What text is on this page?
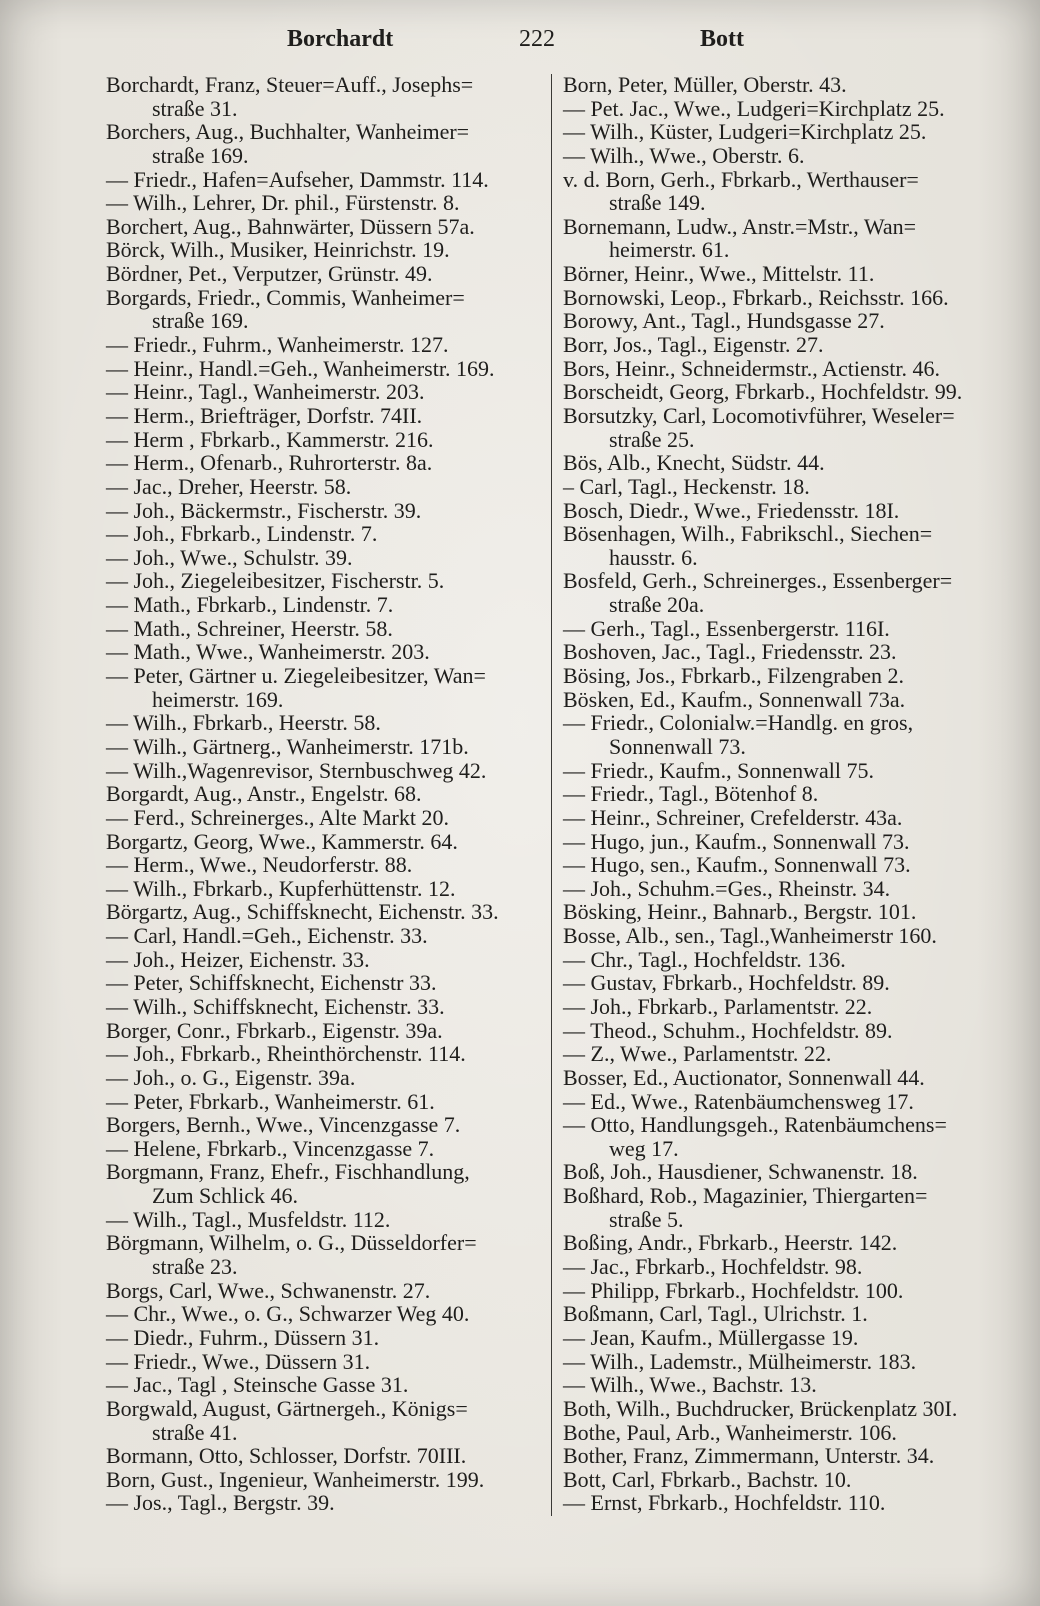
Borchardt	222	Bott

Borchardt, Franz, Steuer=Auff., Josephs=

straße 31.

Borchers, Aug., Buchhalter, Wanheimer=

straße 169.

— Friedr., Hafen=Aufseher, Dammstr. 114.

— Wilh., Lehrer, Dr. phil., Fürstenstr. 8.

Borchert, Aug., Bahnwärter, Düssern 57a.

Börck, Wilh., Musiker, Heinrichstr. 19.

Bördner, Pet., Verputzer, Grünstr. 49.

Borgards, Friedr., Commis, Wanheimer=

straße 169.

— Friedr., Fuhrm., Wanheimerstr. 127.

— Heinr., Handl.=Geh., Wanheimerstr. 169.

— Heinr., Tagl., Wanheimerstr. 203.

— Herm., Briefträger, Dorfstr. 74II.

— Herm , Fbrkarb., Kammerstr. 216.

— Herm., Ofenarb., Ruhrorterstr. 8a.

— Jac., Dreher, Heerstr. 58.

— Joh., Bäckermstr., Fischerstr. 39.

— Joh., Fbrkarb., Lindenstr. 7.

— Joh., Wwe., Schulstr. 39.

— Joh., Ziegeleibesitzer, Fischerstr. 5.

— Math., Fbrkarb., Lindenstr. 7.

— Math., Schreiner, Heerstr. 58.

— Math., Wwe., Wanheimerstr. 203.

— Peter, Gärtner u. Ziegeleibesitzer, Wan=

heimerstr. 169.

— Wilh., Fbrkarb., Heerstr. 58.

— Wilh., Gärtnerg., Wanheimerstr. 171b.

— Wilh.,Wagenrevisor, Sternbuschweg 42.

Borgardt, Aug., Anstr., Engelstr. 68.

— Ferd., Schreinerges., Alte Markt 20.

Borgartz, Georg, Wwe., Kammerstr. 64.

— Herm., Wwe., Neudorferstr. 88.

— Wilh., Fbrkarb., Kupferhüttenstr. 12.

Börgartz, Aug., Schiffsknecht, Eichenstr. 33.

— Carl, Handl.=Geh., Eichenstr. 33.

— Joh., Heizer, Eichenstr. 33.

— Peter, Schiffsknecht, Eichenstr 33.

— Wilh., Schiffsknecht, Eichenstr. 33.

Borger, Conr., Fbrkarb., Eigenstr. 39a.

— Joh., Fbrkarb., Rheinthörchenstr. 114.

— Joh., o. G., Eigenstr. 39a.

— Peter, Fbrkarb., Wanheimerstr. 61.

Borgers, Bernh., Wwe., Vincenzgasse 7.

— Helene, Fbrkarb., Vincenzgasse 7.

Borgmann, Franz, Ehefr., Fischhandlung,

Zum Schlick 46.

— Wilh., Tagl., Musfeldstr. 112.

Börgmann, Wilhelm, o. G., Düsseldorfer=

straße 23.

Borgs, Carl, Wwe., Schwanenstr. 27.

— Chr., Wwe., o. G., Schwarzer Weg 40.

— Diedr., Fuhrm., Düssern 31.

— Friedr., Wwe., Düssern 31.

— Jac., Tagl , Steinsche Gasse 31.

Borgwald, August, Gärtnergeh., Königs=

straße 41.

Bormann, Otto, Schlosser, Dorfstr. 70III.

Born, Gust., Ingenieur, Wanheimerstr. 199.

— Jos., Tagl., Bergstr. 39.

Born, Peter, Müller, Oberstr. 43.

— Pet. Jac., Wwe., Ludgeri=Kirchplatz 25.

— Wilh., Küster, Ludgeri=Kirchplatz 25.

— Wilh., Wwe., Oberstr. 6.

v. d. Born, Gerh., Fbrkarb., Werthauser=

straße 149.

Bornemann, Ludw., Anstr.=Mstr., Wan=

heimerstr. 61.

Börner, Heinr., Wwe., Mittelstr. 11.

Bornowski, Leop., Fbrkarb., Reichsstr. 166.

Borowy, Ant., Tagl., Hundsgasse 27.

Borr, Jos., Tagl., Eigenstr. 27.

Bors, Heinr., Schneidermstr., Actienstr. 46.

Borscheidt, Georg, Fbrkarb., Hochfeldstr. 99.

Borsutzky, Carl, Locomotivführer, Weseler=

straße 25.

Bös, Alb., Knecht, Südstr. 44.

– Carl, Tagl., Heckenstr. 18.

Bosch, Diedr., Wwe., Friedensstr. 18I.

Bösenhagen, Wilh., Fabrikschl., Siechen=

hausstr. 6.

Bosfeld, Gerh., Schreinerges., Essenberger=

straße 20a.

— Gerh., Tagl., Essenbergerstr. 116I.

Boshoven, Jac., Tagl., Friedensstr. 23.

Bösing, Jos., Fbrkarb., Filzengraben 2.

Bösken, Ed., Kaufm., Sonnenwall 73a.

— Friedr., Colonialw.=Handlg. en gros,

Sonnenwall 73.

— Friedr., Kaufm., Sonnenwall 75.

— Friedr., Tagl., Bötenhof 8.

— Heinr., Schreiner, Crefelderstr. 43a.

— Hugo, jun., Kaufm., Sonnenwall 73.

— Hugo, sen., Kaufm., Sonnenwall 73.

— Joh., Schuhm.=Ges., Rheinstr. 34.

Bösking, Heinr., Bahnarb., Bergstr. 101.

Bosse, Alb., sen., Tagl.,Wanheimerstr 160.

— Chr., Tagl., Hochfeldstr. 136.

— Gustav, Fbrkarb., Hochfeldstr. 89.

— Joh., Fbrkarb., Parlamentstr. 22.

— Theod., Schuhm., Hochfeldstr. 89.

— Z., Wwe., Parlamentstr. 22.

Bosser, Ed., Auctionator, Sonnenwall 44.

— Ed., Wwe., Ratenbäumchensweg 17.

— Otto, Handlungsgeh., Ratenbäumchens=

weg 17.

Boß, Joh., Hausdiener, Schwanenstr. 18.

Boßhard, Rob., Magazinier, Thiergarten=

straße 5.

Boßing, Andr., Fbrkarb., Heerstr. 142.

— Jac., Fbrkarb., Hochfeldstr. 98.

— Philipp, Fbrkarb., Hochfeldstr. 100.

Boßmann, Carl, Tagl., Ulrichstr. 1.

— Jean, Kaufm., Müllergasse 19.

— Wilh., Lademstr., Mülheimerstr. 183.

— Wilh., Wwe., Bachstr. 13.

Both, Wilh., Buchdrucker, Brückenplatz 30I.

Bothe, Paul, Arb., Wanheimerstr. 106.

Bother, Franz, Zimmermann, Unterstr. 34.

Bott, Carl, Fbrkarb., Bachstr. 10.

— Ernst, Fbrkarb., Hochfeldstr. 110.
